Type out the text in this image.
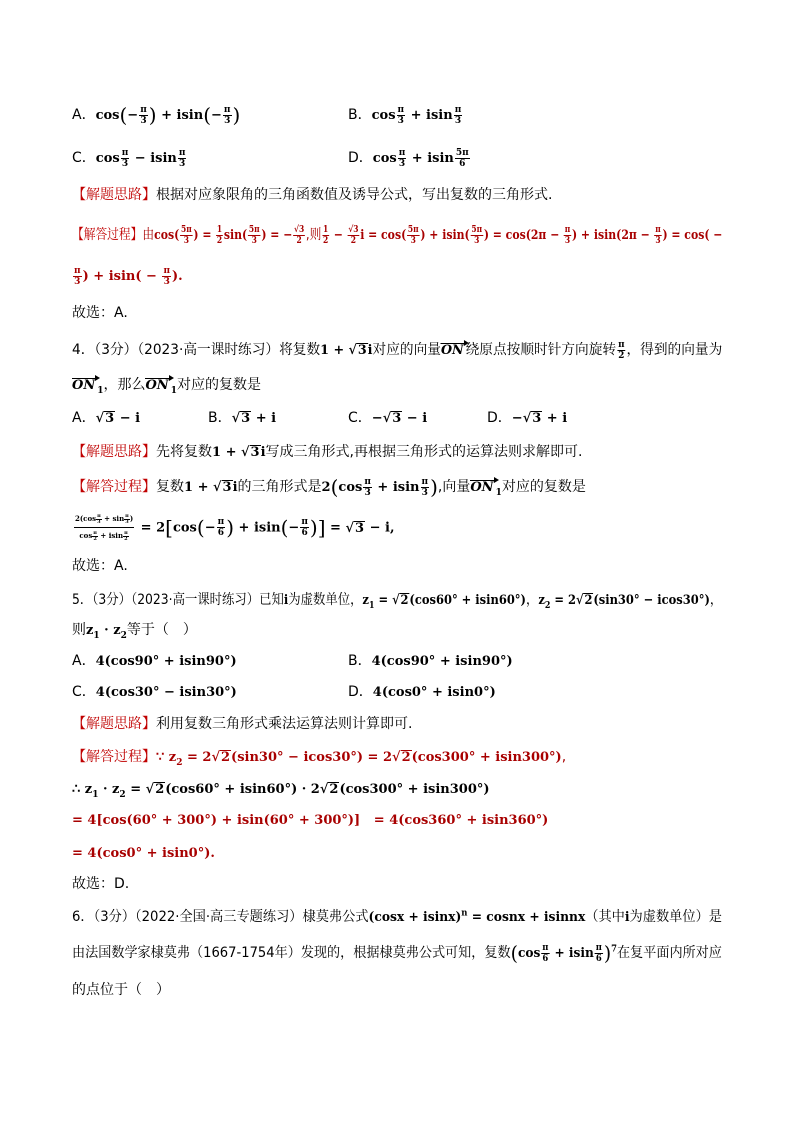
A．$\cos(- \frac{\pi}{3}$ ) + $isin(- \frac{\pi}{3}$ )	B．$\cos \frac{\pi}{3} + isin \frac{\pi}{3}$
C．$\cos \frac{\pi}{3} - isin \frac{\pi}{3}$	D．$\cos \frac{\pi}{3} + isin \frac{5\pi}{6}$
【解题思路】根据对应象限角的三角函数值及诱导公式，写出复数的三角形式.
【解答过程】由$\cos( \frac{5\pi}{3}$ ) = $\frac{1}{2} \sin( \frac{5\pi}{3}$ ) = − $\frac{√3}{2}$ ,则 $\frac{1}{2} - \frac{√3}{2}$ $i = \cos( \frac{5\pi}{3}$ ) + $isin( \frac{5\pi}{3}$ ) = $\cos(2\pi - \frac{\pi}{3}$ ) + $isin(2\pi - \frac{\pi}{3}$ ) = cos( −
$\frac{\pi}{3}$ ) + $isin( - \frac{\pi}{3}$ ).
故选：A.
4．（3分）（2023·高一课时练习）将复数1 + √3i对应的向量ON 绕原点按顺时针方向旋转 $\frac{\pi}{2}$ ，得到的向量为
ON $_1$，那么ON $_1$对应的复数是
A．√3 − i	B．√3 + i	C．−√3 − i	D．−√3 + i
【解题思路】先将复数1 + √3i写成三角形式,再根据三角形式的运算法则求解即可.
【解答过程】复数1 + √3i的三角形式是$2(\cos \frac{\pi}{3} + isin \frac{\pi}{3}$ ),向量ON $_1$对应的复数是
$\frac{2(\cos \frac{\pi}{3} + \sin \frac{\pi}{3} )}{\cos \frac{\pi}{2} + isin \frac{\pi}{2}} = 2[\cos(- \frac{\pi}{6}$ ) + $isin(- \frac{\pi}{6}$ )] = √3 − i,
故选：A.
5．（3分）（2023·高一课时练习）已知i为虚数单位，$z_1 = √2(\cos 60^\circ + isin60^\circ)$，$z_2 = 2√2(\sin 30^\circ - icos30^\circ)$，
则$z_1 \cdot z_2$等于（　）
A．4(cos90° + isin90°)	B．4(cos90° + isin90°)
C．4(cos30° − isin30°)	D．4(cos0° + isin0°)
【解题思路】利用复数三角形式乘法运算法则计算即可.
【解答过程】∵ $z_2 = 2√2(\sin 30^\circ - icos30^\circ) = 2√2(\cos 300^\circ + isin300^\circ)$,
∴ $z_1 \cdot z_2 = √2(\cos 60^\circ + isin60^\circ) \cdot 2√2(\cos 300^\circ + isin300^\circ)$
= 4[cos(60° + 300°) + isin(60° + 300°)]   = 4(cos360° + isin360°)
= 4(cos0° + isin0°).
故选：D.
6．（3分）（2022·全国·高三专题练习）棣莫弗公式$(\cos x + isinx)^n$ = cosnx + isinnx（其中i为虚数单位）是
由法国数学家棣莫弗（1667-1754年）发现的，根据棣莫弗公式可知，复数$(\cos \frac{\pi}{6} + isin \frac{\pi}{6} )^7$在复平面内所对应
的点位于（　）
